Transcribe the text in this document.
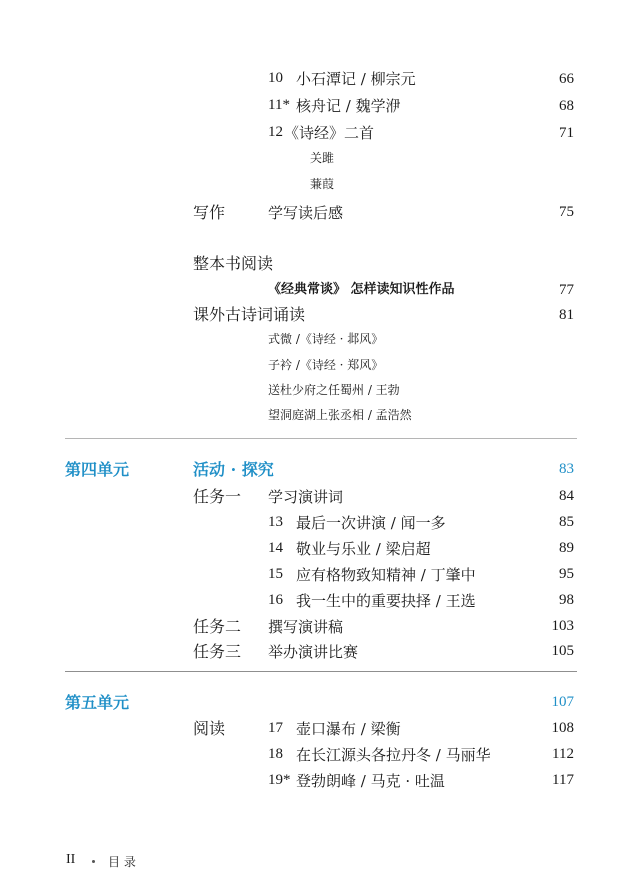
10 小石潭记 / 柳宗元	66
11* 核舟记 / 魏学洢	68
12 《诗经》二首	71
关雎
蒹葭
写作	学写读后感	75
整本书阅读
《经典常谈》 怎样读知识性作品	77
课外古诗词诵读	81
式微 /《诗经 · 邶风》
子衿 /《诗经 · 郑风》
送杜少府之任蜀州 / 王勃
望洞庭湖上张丞相 / 孟浩然
第四单元	活动 · 探究	83
任务一 学习演讲词	84
13 最后一次讲演 / 闻一多	85
14 敬业与乐业 / 梁启超	89
15 应有格物致知精神 / 丁肇中	95
16 我一生中的重要抉择 / 王选	98
任务二 撰写演讲稿	103
任务三 举办演讲比赛	105
第五单元	107
阅读	17 壶口瀑布 / 梁衡	108
18 在长江源头各拉丹冬 / 马丽华	112
19* 登勃朗峰 / 马克 · 吐温	117
II	目 录
